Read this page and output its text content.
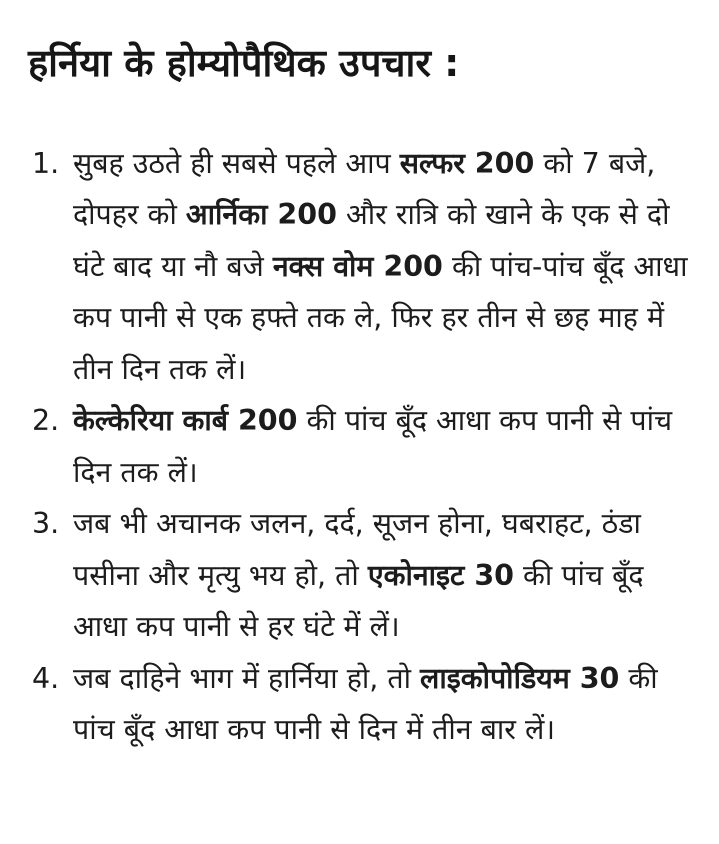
हर्निया के होम्योपैथिक उपचार :
1. सुबह उठते ही सबसे पहले आप सल्फर 200 को 7 बजे, दोपहर को आर्निका 200 और रात्रि को खाने के एक से दो घंटे बाद या नौ बजे नक्स वोम 200 की पांच-पांच बूँद आधा कप पानी से एक हफ्ते तक ले, फिर हर तीन से छह माह में तीन दिन तक लें।
2. केल्केरिया कार्ब 200 की पांच बूँद आधा कप पानी से पांच दिन तक लें।
3. जब भी अचानक जलन, दर्द, सूजन होना, घबराहट, ठंडा पसीना और मृत्यु भय हो, तो एकोनाइट 30 की पांच बूँद आधा कप पानी से हर घंटे में लें।
4. जब दाहिने भाग में हार्निया हो, तो लाइकोपोडियम 30 की पांच बूँद आधा कप पानी से दिन में तीन बार लें।
